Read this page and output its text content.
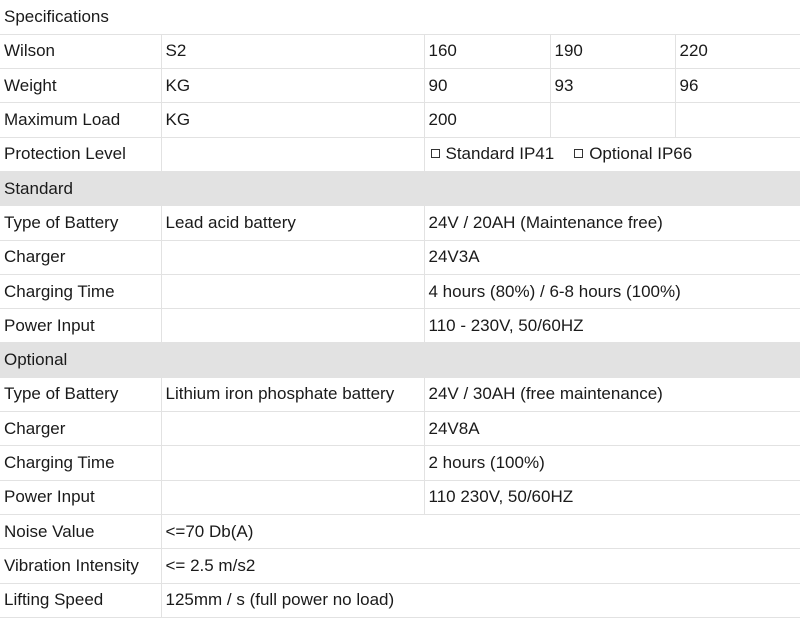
Specifications				
Wilson	S2	160	190	220
Weight	KG	90	93	96
Maximum Load	KG	200		
Protection Level		Standard IP41 Optional IP66		
Standard				
Type of Battery	Lead acid battery	24V / 20AH (Maintenance free)		
Charger		24V3A		
Charging Time		4 hours (80%) / 6-8 hours (100%)		
Power Input		110 - 230V, 50/60HZ		
Optional				
Type of Battery	Lithium iron phosphate battery	24V / 30AH (free maintenance)		
Charger		24V8A		
Charging Time		2 hours (100%)		
Power Input		110 230V, 50/60HZ		
Noise Value	<=70 Db(A)			
Vibration Intensity	<= 2.5 m/s2			
Lifting Speed	125mm / s (full power no load)			
